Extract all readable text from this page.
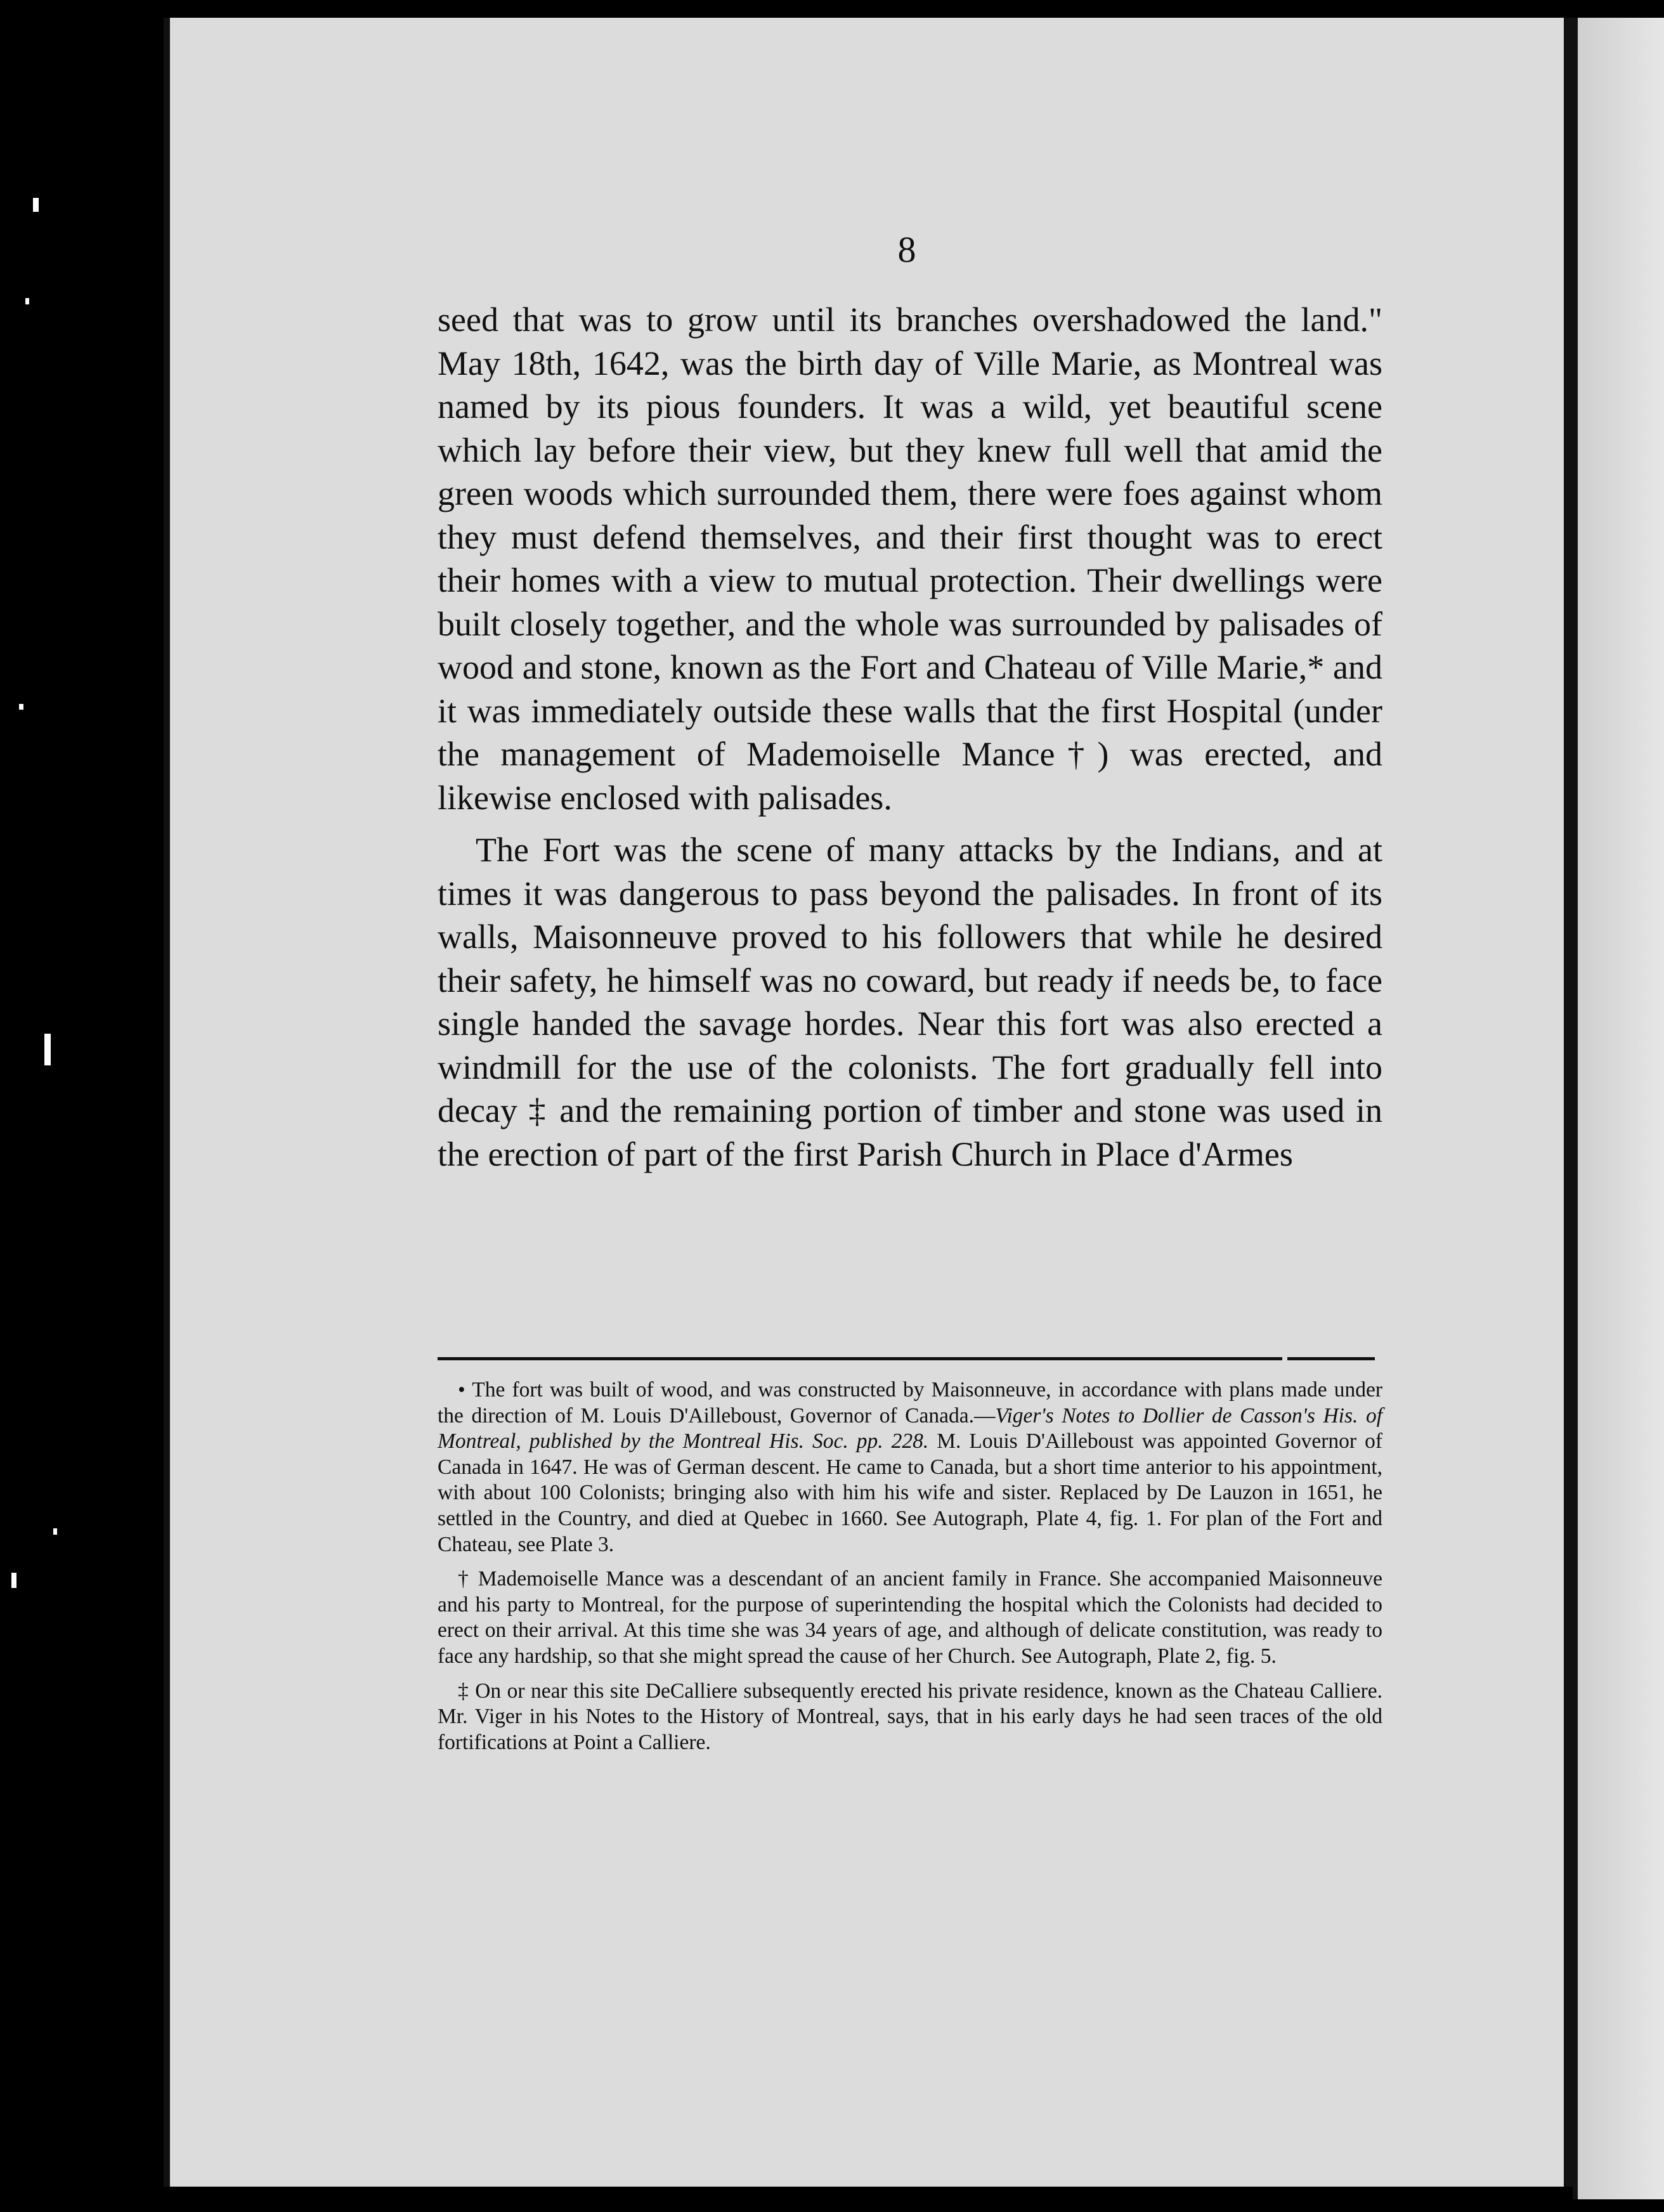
8

seed that was to grow until its branches overshadowed the land." May 18th, 1642, was the birth day of Ville Marie, as Montreal was named by its pious founders. It was a wild, yet beautiful scene which lay before their view, but they knew full well that amid the green woods which surrounded them, there were foes against whom they must defend themselves, and their first thought was to erect their homes with a view to mutual protection. Their dwellings were built closely together, and the whole was surrounded by palisades of wood and stone, known as the Fort and Chateau of Ville Marie,* and it was immediately outside these walls that the first Hospital (under the management of Mademoiselle Mance†) was erected, and likewise enclosed with palisades.

The Fort was the scene of many attacks by the Indians, and at times it was dangerous to pass beyond the palisades. In front of its walls, Maisonneuve proved to his followers that while he desired their safety, he himself was no coward, but ready if needs be, to face single handed the savage hordes. Near this fort was also erected a windmill for the use of the colonists. The fort gradually fell into decay ‡ and the remaining portion of timber and stone was used in the erection of part of the first Parish Church in Place d'Armes

• The fort was built of wood, and was constructed by Maisonneuve, in accordance with plans made under the direction of M. Louis D'Ailleboust, Governor of Canada.—Viger's Notes to Dollier de Casson's His. of Montreal, published by the Montreal His. Soc. pp. 228. M. Louis D'Ailleboust was appointed Governor of Canada in 1647. He was of German descent. He came to Canada, but a short time anterior to his appointment, with about 100 Colonists; bringing also with him his wife and sister. Replaced by De Lauzon in 1651, he settled in the Country, and died at Quebec in 1660. See Autograph, Plate 4, fig. 1. For plan of the Fort and Chateau, see Plate 3.

† Mademoiselle Mance was a descendant of an ancient family in France. She accompanied Maisonneuve and his party to Montreal, for the purpose of superintending the hospital which the Colonists had decided to erect on their arrival. At this time she was 34 years of age, and although of delicate constitution, was ready to face any hardship, so that she might spread the cause of her Church. See Autograph, Plate 2, fig. 5.

‡ On or near this site DeCalliere subsequently erected his private residence, known as the Chateau Calliere. Mr. Viger in his Notes to the History of Montreal, says, that in his early days he had seen traces of the old fortifications at Point a Calliere.
